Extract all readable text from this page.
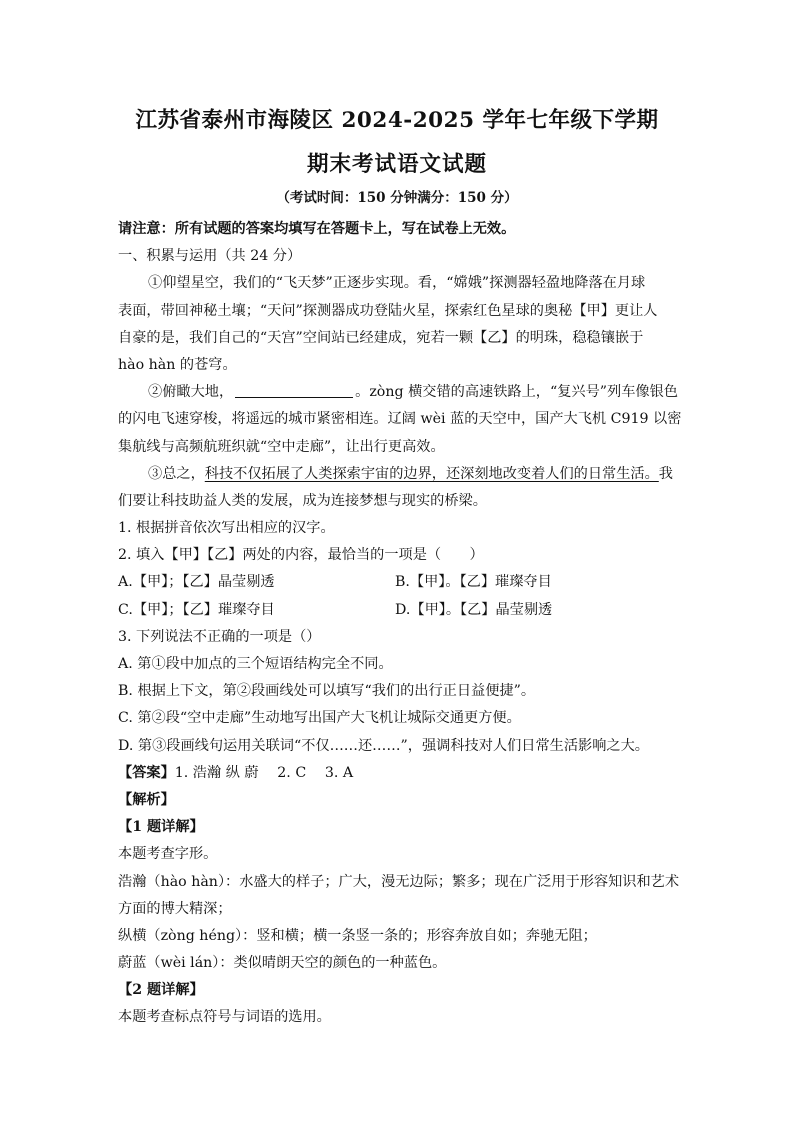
江苏省泰州市海陵区 2024-2025 学年七年级下学期
期末考试语文试题
（考试时间：150 分钟满分：150 分）
请注意：所有试题的答案均填写在答题卡上，写在试卷上无效。
一、积累与运用（共 24 分）
①仰望星空，我们的“飞天梦”正逐步实现。看，“嫦娥”探测器轻盈地降落在月球
表面，带回神秘土壤；“天问”探测器成功登陆火星，探索红色星球的奥秘【甲】更让人
自豪的是，我们自己的“天宫”空间站已经建成，宛若一颗【乙】的明珠，稳稳镶嵌于
hào hàn 的苍穹。
②俯瞰大地，	。zòng 横交错的高速铁路上，“复兴号”列车像银色
的闪电飞速穿梭，将遥远的城市紧密相连。辽阔 wèi 蓝的天空中，国产大飞机 C919 以密
集航线与高频航班织就“空中走廊”，让出行更高效。
③总之，科技不仅拓展了人类探索宇宙的边界，还深刻地改变着人们的日常生活。我
们要让科技助益人类的发展，成为连接梦想与现实的桥梁。
1. 根据拼音依次写出相应的汉字。
2. 填入【甲】【乙】两处的内容，最恰当的一项是（　　）
A.【甲】；【乙】晶莹剔透	B.【甲】。【乙】璀璨夺目
C.【甲】；【乙】璀璨夺目	D.【甲】。【乙】晶莹剔透
3. 下列说法不正确的一项是（）
A. 第①段中加点的三个短语结构完全不同。
B. 根据上下文，第②段画线处可以填写“我们的出行正日益便捷”。
C. 第②段“空中走廊”生动地写出国产大飞机让城际交通更方便。
D. 第③段画线句运用关联词“不仅……还……”，强调科技对人们日常生活影响之大。
【答案】1. 浩瀚 纵 蔚　 2. C　 3. A
【解析】
【1 题详解】
本题考查字形。
浩瀚（hào hàn）：水盛大的样子；广大，漫无边际；繁多；现在广泛用于形容知识和艺术
方面的博大精深；
纵横（zòng héng）：竖和横；横一条竖一条的；形容奔放自如；奔驰无阻；
蔚蓝（wèi lán）：类似晴朗天空的颜色的一种蓝色。
【2 题详解】
本题考查标点符号与词语的选用。
